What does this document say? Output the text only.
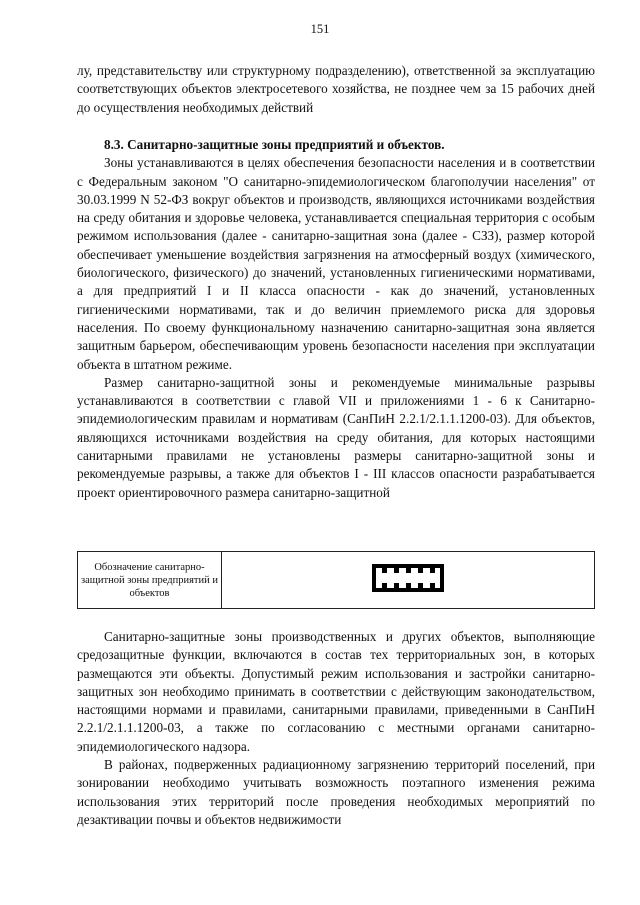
151

лу, представительству или структурному подразделению), ответственной за эксплуатацию соответствующих объектов электросетевого хозяйства, не позднее чем за 15 рабочих дней до осуществления необходимых действий

8.3. Санитарно-защитные зоны предприятий и объектов.

Зоны устанавливаются в целях обеспечения безопасности населения и в соответствии с Федеральным законом "О санитарно-эпидемиологическом благополучии населения" от 30.03.1999 N 52-ФЗ вокруг объектов и производств, являющихся источниками воздействия на среду обитания и здоровье человека, устанавливается специальная территория с особым режимом использования (далее - санитарно-защитная зона (далее - СЗЗ), размер которой обеспечивает уменьшение воздействия загрязнения на атмосферный воздух (химического, биологического, физического) до значений, установленных гигиеническими нормативами, а для предприятий I и II класса опасности - как до значений, установленных гигиеническими нормативами, так и до величин приемлемого риска для здоровья населения. По своему функциональному назначению санитарно-защитная зона является защитным барьером, обеспечивающим уровень безопасности населения при эксплуатации объекта в штатном режиме.

Размер санитарно-защитной зоны и рекомендуемые минимальные разрывы устанавливаются в соответствии с главой VII и приложениями 1 - 6 к Санитарно-эпидемиологическим правилам и нормативам (СанПиН 2.2.1/2.1.1.1200-03). Для объектов, являющихся источниками воздействия на среду обитания, для которых настоящими санитарными правилами не установлены размеры санитарно-защитной зоны и рекомендуемые разрывы, а также для объектов I - III классов опасности разрабатывается проект ориентировочного размера санитарно-защитной

Обозначение санитарно-защитной зоны предприятий и объектов	

Санитарно-защитные зоны производственных и других объектов, выполняющие средозащитные функции, включаются в состав тех территориальных зон, в которых размещаются эти объекты. Допустимый режим использования и застройки санитарно-защитных зон необходимо принимать в соответствии с действующим законодательством, настоящими нормами и правилами, санитарными правилами, приведенными в СанПиН 2.2.1/2.1.1.1200-03, а также по согласованию с местными органами санитарно-эпидемиологического надзора.

В районах, подверженных радиационному загрязнению территорий поселений, при зонировании необходимо учитывать возможность поэтапного изменения режима использования этих территорий после проведения необходимых мероприятий по дезактивации почвы и объектов недвижимости
